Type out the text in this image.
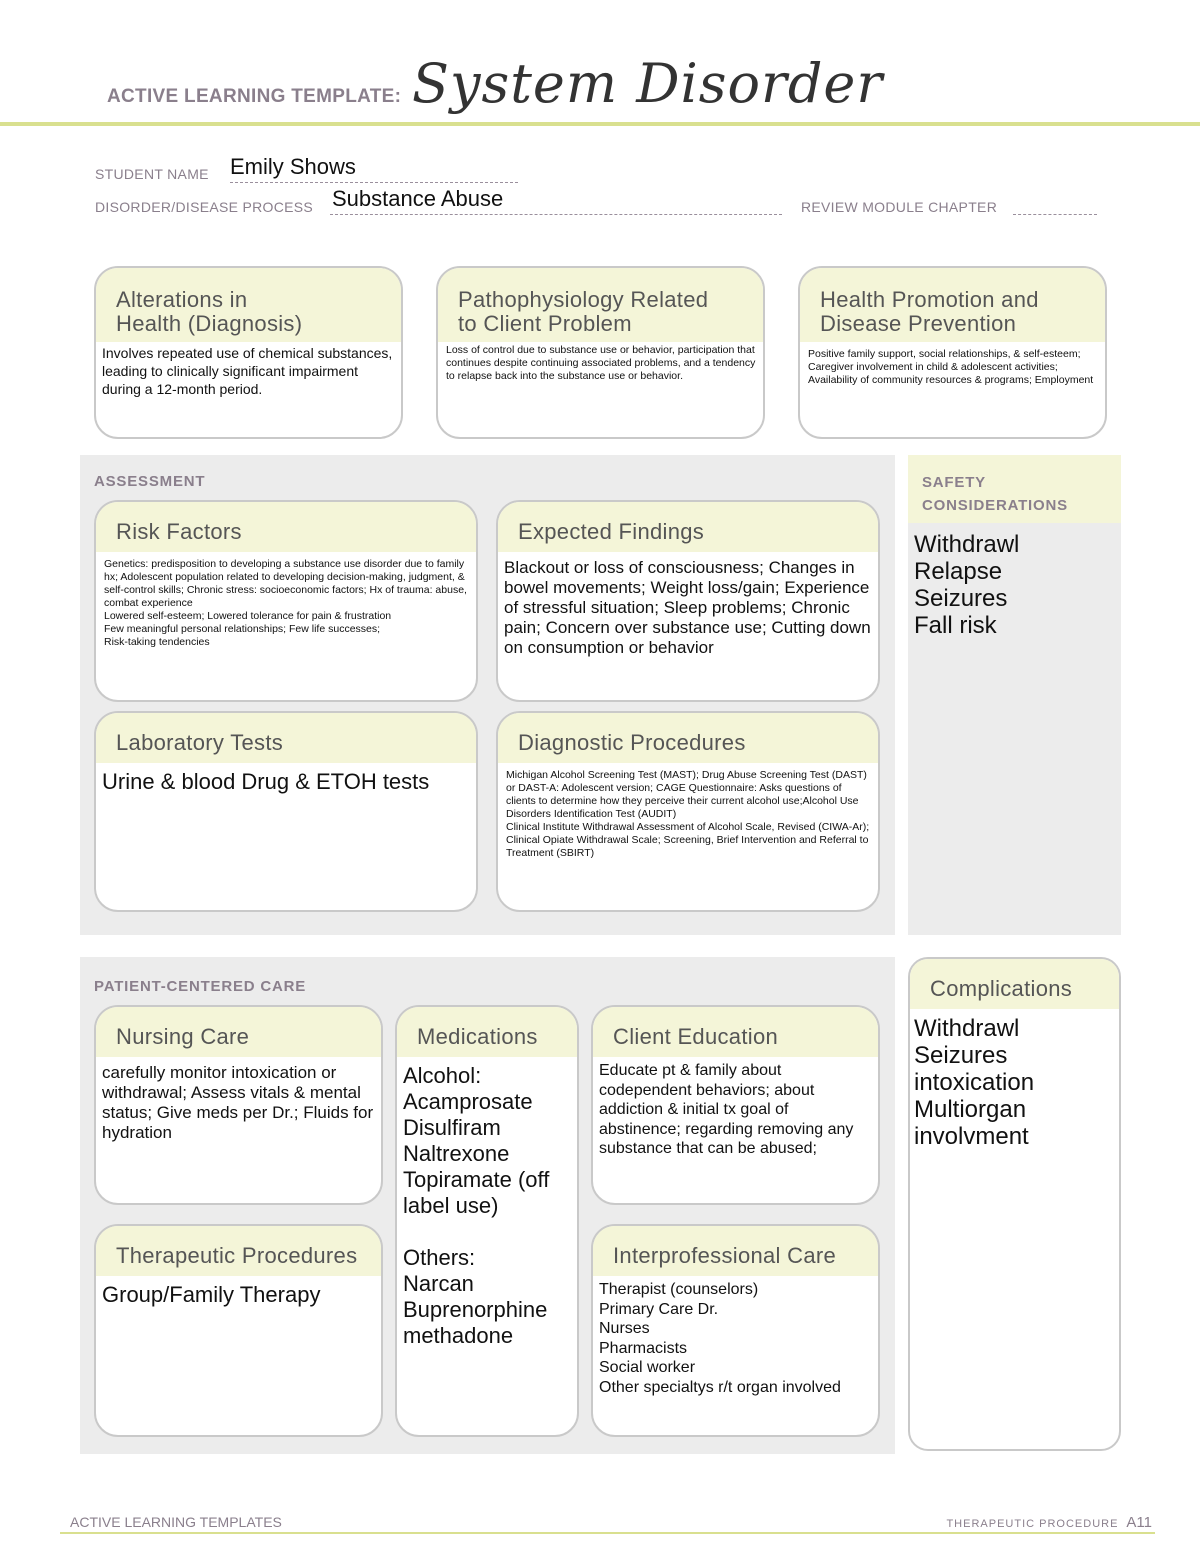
ACTIVE LEARNING TEMPLATE: System Disorder
STUDENT NAME Emily Shows
DISORDER/DISEASE PROCESS Substance Abuse	REVIEW MODULE CHAPTER
Alterations in
Health (Diagnosis)
Involves repeated use of chemical substances, leading to clinically significant impairment during a 12-month period.
Pathophysiology Related
to Client Problem
Loss of control due to substance use or behavior, participation that continues despite continuing associated problems, and a tendency to relapse back into the substance use or behavior.
Health Promotion and
Disease Prevention
Positive family support, social relationships, & self-esteem; Caregiver involvement in child & adolescent activities; Availability of community resources & programs; Employment
ASSESSMENT
Risk Factors
Genetics: predisposition to developing a substance use disorder due to family hx; Adolescent population related to developing decision-making, judgment, & self-control skills; Chronic stress: socioeconomic factors; Hx of trauma: abuse, combat experience
Lowered self-esteem; Lowered tolerance for pain & frustration
Few meaningful personal relationships; Few life successes;
Risk-taking tendencies
Expected Findings
Blackout or loss of consciousness; Changes in bowel movements; Weight loss/gain; Experience of stressful situation; Sleep problems; Chronic pain; Concern over substance use; Cutting down on consumption or behavior
Laboratory Tests
Urine & blood Drug & ETOH tests
Diagnostic Procedures
Michigan Alcohol Screening Test (MAST); Drug Abuse Screening Test (DAST) or DAST-A: Adolescent version; CAGE Questionnaire: Asks questions of clients to determine how they perceive their current alcohol use;Alcohol Use Disorders Identification Test (AUDIT)
Clinical Institute Withdrawal Assessment of Alcohol Scale, Revised (CIWA-Ar); Clinical Opiate Withdrawal Scale; Screening, Brief Intervention and Referral to Treatment (SBIRT)
SAFETY
CONSIDERATIONS
Withdrawl
Relapse
Seizures
Fall risk
PATIENT-CENTERED CARE
Nursing Care
carefully monitor intoxication or withdrawal; Assess vitals & mental status; Give meds per Dr.; Fluids for hydration
Medications
Alcohol:
Acamprosate
Disulfiram
Naltrexone
Topiramate (off label use)

Others:
Narcan
Buprenorphine
methadone
Client Education
Educate pt & family about codependent behaviors; about addiction & initial tx goal of abstinence; regarding removing any substance that can be abused;
Therapeutic Procedures
Group/Family Therapy
Interprofessional Care
Therapist (counselors)
Primary Care Dr.
Nurses
Pharmacists
Social worker
Other specialtys r/t organ involved
Complications
Withdrawl
Seizures
intoxication
Multiorgan
involvment
ACTIVE LEARNING TEMPLATES	THERAPEUTIC PROCEDURE A11
